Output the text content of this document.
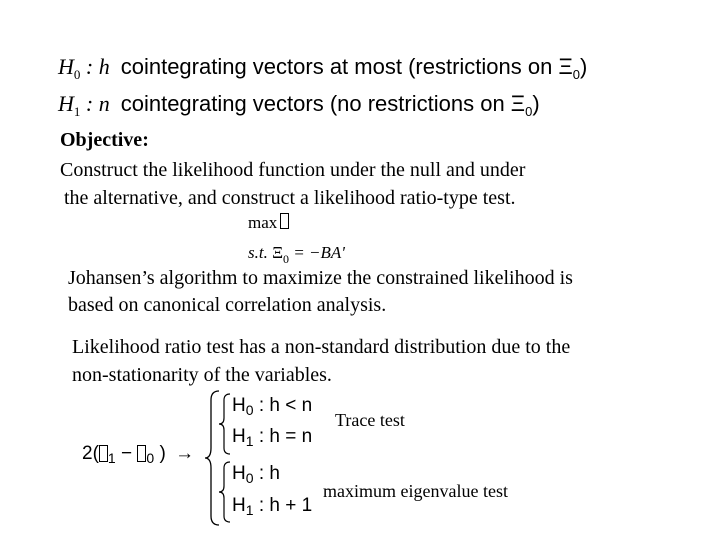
$H_0$ : h cointegrating vectors at most (restrictions on $\Xi_0$)
$H_1$ : n cointegrating vectors (no restrictions on $\Xi_0$)
Objective:
Construct the likelihood function under the null and under
the alternative, and construct a likelihood ratio-type test.
max
s.t. $\Xi_0 = -BA'$
Johansen’s algorithm to maximize the constrained likelihood is
based on canonical correlation analysis.
Likelihood ratio test has a non-standard distribution due to the
non-stationarity of the variables.
2( $_1$ − $_0$ ) →
$H_0$ : h < n
$H_1$ : h = n
Trace test
$H_0$ : h
$H_1$ : h + 1
maximum eigenvalue test
